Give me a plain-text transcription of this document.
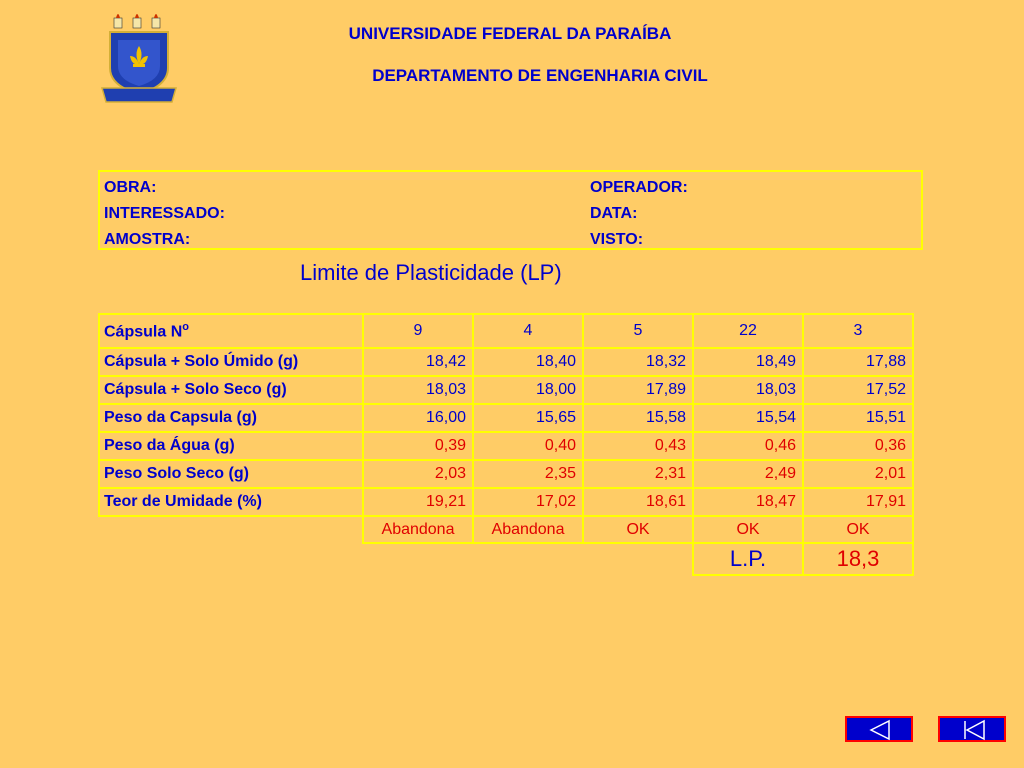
UNIVERSIDADE FEDERAL DA PARAÍBA
DEPARTAMENTO DE ENGENHARIA CIVIL
OBRA:
INTERESSADO:
AMOSTRA:
OPERADOR:
DATA:
VISTO:
Limite de Plasticidade (LP)
Cápsula $N^o$	9	4	5	22	3
Cápsula + Solo Úmido (g)	18,42	18,40	18,32	18,49	17,88
Cápsula + Solo Seco (g)	18,03	18,00	17,89	18,03	17,52
Peso da Capsula (g)	16,00	15,65	15,58	15,54	15,51
Peso da Água (g)	0,39	0,40	0,43	0,46	0,36
Peso Solo Seco (g)	2,03	2,35	2,31	2,49	2,01
Teor de Umidade (%)	19,21	17,02	18,61	18,47	17,91
	Abandona	Abandona	OK	OK	OK
				L.P.	18,3
